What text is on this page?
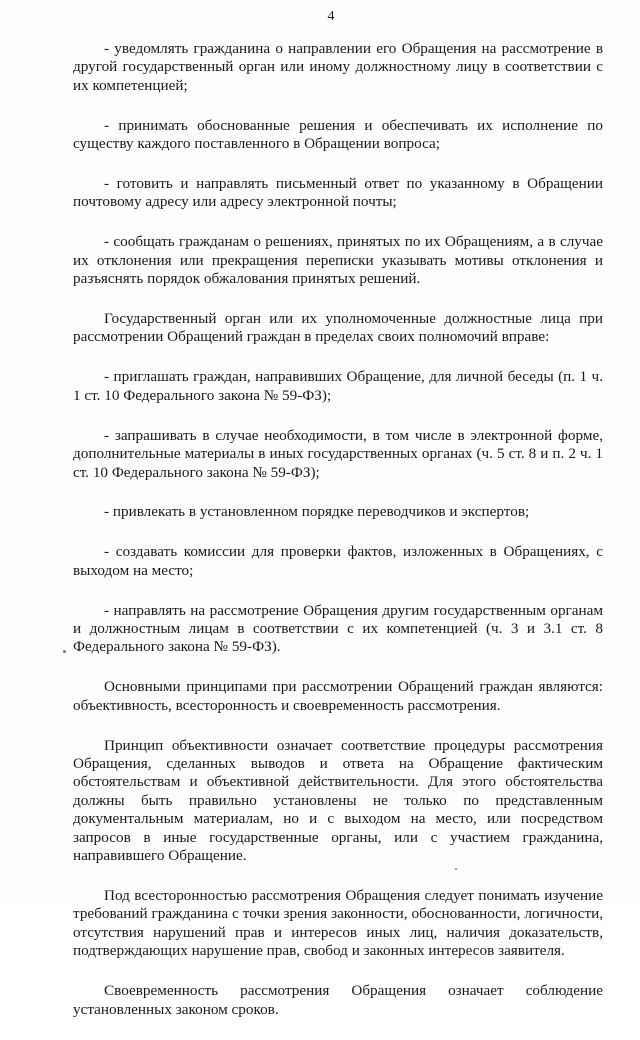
4

- уведомлять гражданина о направлении его Обращения на рассмотрение в другой государственный орган или иному должностному лицу в соответствии с их компетенцией;

- принимать обоснованные решения и обеспечивать их исполнение по существу каждого поставленного в Обращении вопроса;

- готовить и направлять письменный ответ по указанному в Обращении почтовому адресу или адресу электронной почты;

- сообщать гражданам о решениях, принятых по их Обращениям, а в случае их отклонения или прекращения переписки указывать мотивы отклонения и разъяснять порядок обжалования принятых решений.

Государственный орган или их уполномоченные должностные лица при рассмотрении Обращений граждан в пределах своих полномочий вправе:

- приглашать граждан, направивших Обращение, для личной беседы (п. 1 ч. 1 ст. 10 Федерального закона № 59-ФЗ);

- запрашивать в случае необходимости, в том числе в электронной форме, дополнительные материалы в иных государственных органах (ч. 5 ст. 8 и п. 2 ч. 1 ст. 10 Федерального закона № 59-ФЗ);

- привлекать в установленном порядке переводчиков и экспертов;

- создавать комиссии для проверки фактов, изложенных в Обращениях, с выходом на место;

- направлять на рассмотрение Обращения другим государственным органам и должностным лицам в соответствии с их компетенцией (ч. 3 и 3.1 ст. 8 Федерального закона № 59-ФЗ).

Основными принципами при рассмотрении Обращений граждан являются: объективность, всесторонность и своевременность рассмотрения.

Принцип объективности означает соответствие процедуры рассмотрения Обращения, сделанных выводов и ответа на Обращение фактическим обстоятельствам и объективной действительности. Для этого обстоятельства должны быть правильно установлены не только по представленным документальным материалам, но и с выходом на место, или посредством запросов в иные государственные органы, или с участием гражданина, направившего Обращение.

Под всесторонностью рассмотрения Обращения следует понимать изучение требований гражданина с точки зрения законности, обоснованности, логичности, отсутствия нарушений прав и интересов иных лиц, наличия доказательств, подтверждающих нарушение прав, свобод и законных интересов заявителя.

Своевременность рассмотрения Обращения означает соблюдение установленных законом сроков.
